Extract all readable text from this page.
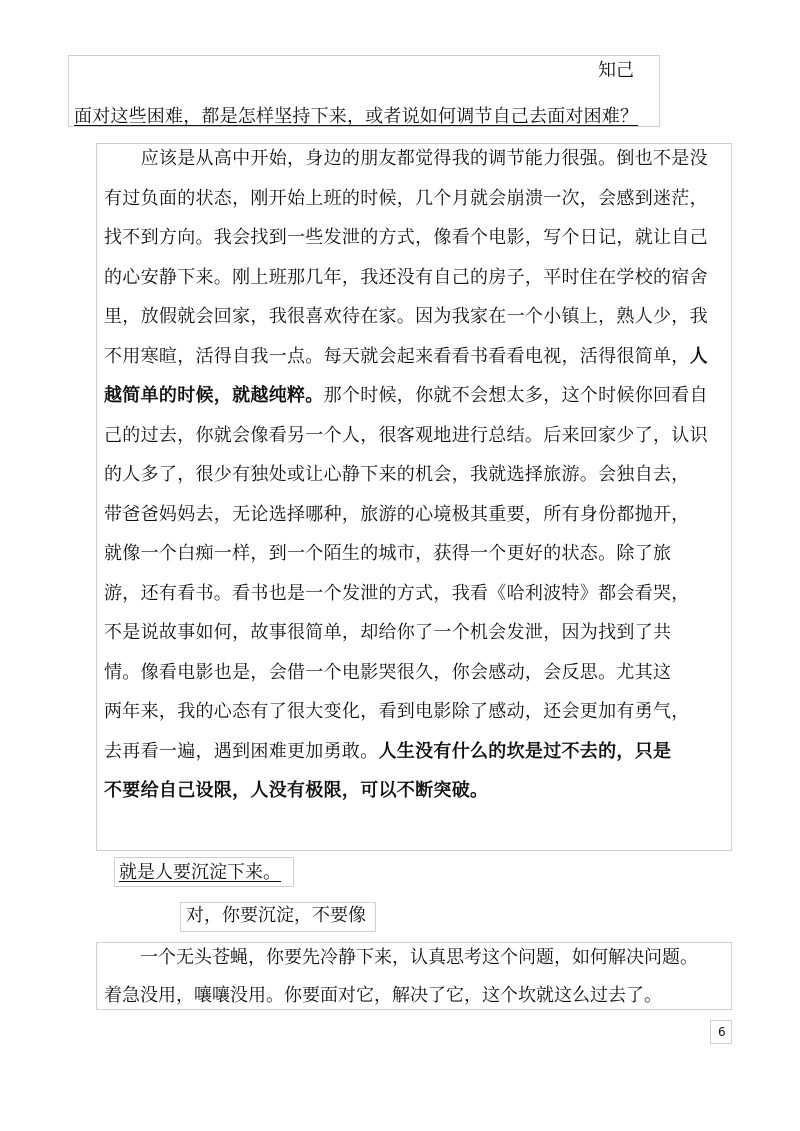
知己
面对这些困难，都是怎样坚持下来，或者说如何调节自己去面对困难？
　　应该是从高中开始，身边的朋友都觉得我的调节能力很强。倒也不是没
有过负面的状态，刚开始上班的时候，几个月就会崩溃一次，会感到迷茫，
找不到方向。我会找到一些发泄的方式，像看个电影，写个日记，就让自己
的心安静下来。刚上班那几年，我还没有自己的房子，平时住在学校的宿舍
里，放假就会回家，我很喜欢待在家。因为我家在一个小镇上，熟人少，我
不用寒暄，活得自我一点。每天就会起来看看书看看电视，活得很简单，人
越简单的时候，就越纯粹。那个时候，你就不会想太多，这个时候你回看自
己的过去，你就会像看另一个人，很客观地进行总结。后来回家少了，认识
的人多了，很少有独处或让心静下来的机会，我就选择旅游。会独自去，
带爸爸妈妈去，无论选择哪种，旅游的心境极其重要，所有身份都抛开，
就像一个白痴一样，到一个陌生的城市，获得一个更好的状态。除了旅
游，还有看书。看书也是一个发泄的方式，我看《哈利波特》都会看哭，
不是说故事如何，故事很简单，却给你了一个机会发泄，因为找到了共
情。像看电影也是，会借一个电影哭很久，你会感动，会反思。尤其这
两年来，我的心态有了很大变化，看到电影除了感动，还会更加有勇气，
去再看一遍，遇到困难更加勇敢。人生没有什么的坎是过不去的，只是
不要给自己设限，人没有极限，可以不断突破。
就是人要沉淀下来。
对，你要沉淀，不要像
　　一个无头苍蝇，你要先冷静下来，认真思考这个问题，如何解决问题。
着急没用，嚷嚷没用。你要面对它，解决了它，这个坎就这么过去了。
6
